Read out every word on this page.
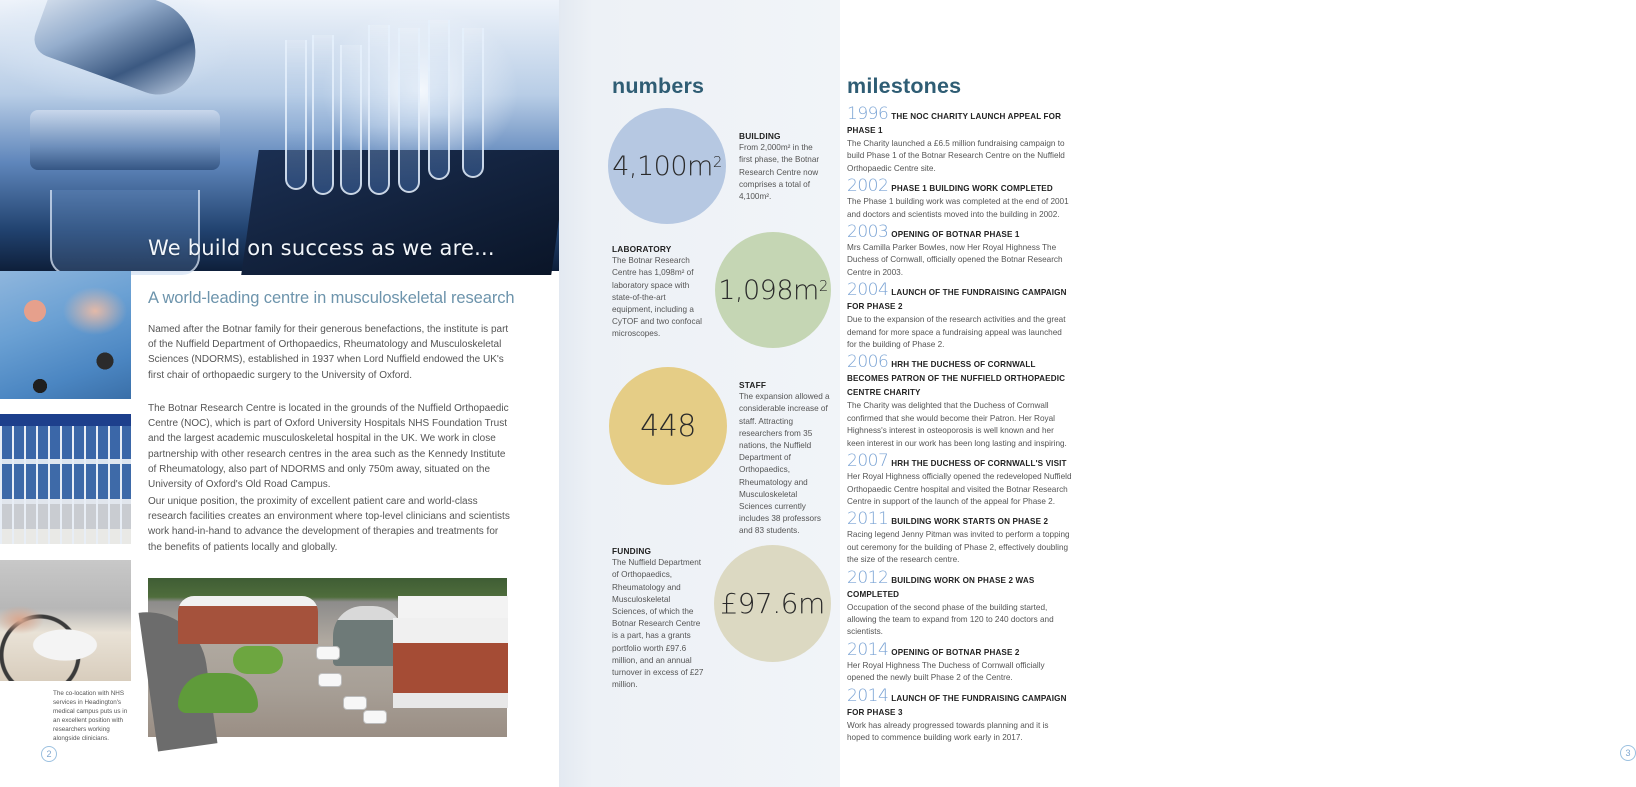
We build on success as we are...
The co-location with NHS services in Headington's medical campus puts us in an excellent position with researchers working alongside clinicians.
2
A world-leading centre in musculoskeletal research

Named after the Botnar family for their generous benefactions, the institute is part of the Nuffield Department of Orthopaedics, Rheumatology and Musculoskeletal Sciences (NDORMS), established in 1937 when Lord Nuffield endowed the UK's first chair of orthopaedic surgery to the University of Oxford.

The Botnar Research Centre is located in the grounds of the Nuffield Orthopaedic Centre (NOC), which is part of Oxford University Hospitals NHS Foundation Trust and the largest academic musculoskeletal hospital in the UK. We work in close partnership with other research centres in the area such as the Kennedy Institute of Rheumatology, also part of NDORMS and only 750m away, situated on the University of Oxford's Old Road Campus.

Our unique position, the proximity of excellent patient care and world-class research facilities creates an environment where top-level clinicians and scientists work hand-in-hand to advance the development of therapies and treatments for the benefits of patients locally and globally.

numbers	milestones
$4,100m^2$
BUILDING
From 2,000m² in the first phase, the Botnar Research Centre now comprises a total of 4,100m².
$1,098m^2$
LABORATORY
The Botnar Research Centre has 1,098m² of laboratory space with state-of-the-art equipment, including a CyTOF and two confocal microscopes.
448
STAFF
The expansion allowed a considerable increase of staff. Attracting researchers from 35 nations, the Nuffield Department of Orthopaedics, Rheumatology and Musculoskeletal Sciences currently includes 38 professors and 83 students.
£97.6m
FUNDING
The Nuffield Department of Orthopaedics, Rheumatology and Musculoskeletal Sciences, of which the Botnar Research Centre is a part, has a grants portfolio worth £97.6 million, and an annual turnover in excess of £27 million.
1996 THE NOC CHARITY LAUNCH APPEAL FOR PHASE 1
The Charity launched a £6.5 million fundraising campaign to build Phase 1 of the Botnar Research Centre on the Nuffield Orthopaedic Centre site.
2002 PHASE 1 BUILDING WORK COMPLETED
The Phase 1 building work was completed at the end of 2001 and doctors and scientists moved into the building in 2002.
2003 OPENING OF BOTNAR PHASE 1
Mrs Camilla Parker Bowles, now Her Royal Highness The Duchess of Cornwall, officially opened the Botnar Research Centre in 2003.
2004 LAUNCH OF THE FUNDRAISING CAMPAIGN FOR PHASE 2
Due to the expansion of the research activities and the great demand for more space a fundraising appeal was launched for the building of Phase 2.
2006 HRH THE DUCHESS OF CORNWALL BECOMES PATRON OF THE NUFFIELD ORTHOPAEDIC CENTRE CHARITY
The Charity was delighted that the Duchess of Cornwall confirmed that she would become their Patron. Her Royal Highness's interest in osteoporosis is well known and her keen interest in our work has been long lasting and inspiring.
2007 HRH THE DUCHESS OF CORNWALL'S VISIT
Her Royal Highness officially opened the redeveloped Nuffield Orthopaedic Centre hospital and visited the Botnar Research Centre in support of the launch of the appeal for Phase 2.
2011 BUILDING WORK STARTS ON PHASE 2
Racing legend Jenny Pitman was invited to perform a topping out ceremony for the building of Phase 2, effectively doubling the size of the research centre.
2012 BUILDING WORK ON PHASE 2 WAS COMPLETED
Occupation of the second phase of the building started, allowing the team to expand from 120 to 240 doctors and scientists.
2014 OPENING OF BOTNAR PHASE 2
Her Royal Highness The Duchess of Cornwall officially opened the newly built Phase 2 of the Centre.
2014 LAUNCH OF THE FUNDRAISING CAMPAIGN FOR PHASE 3
Work has already progressed towards planning and it is hoped to commence building work early in 2017.
3
